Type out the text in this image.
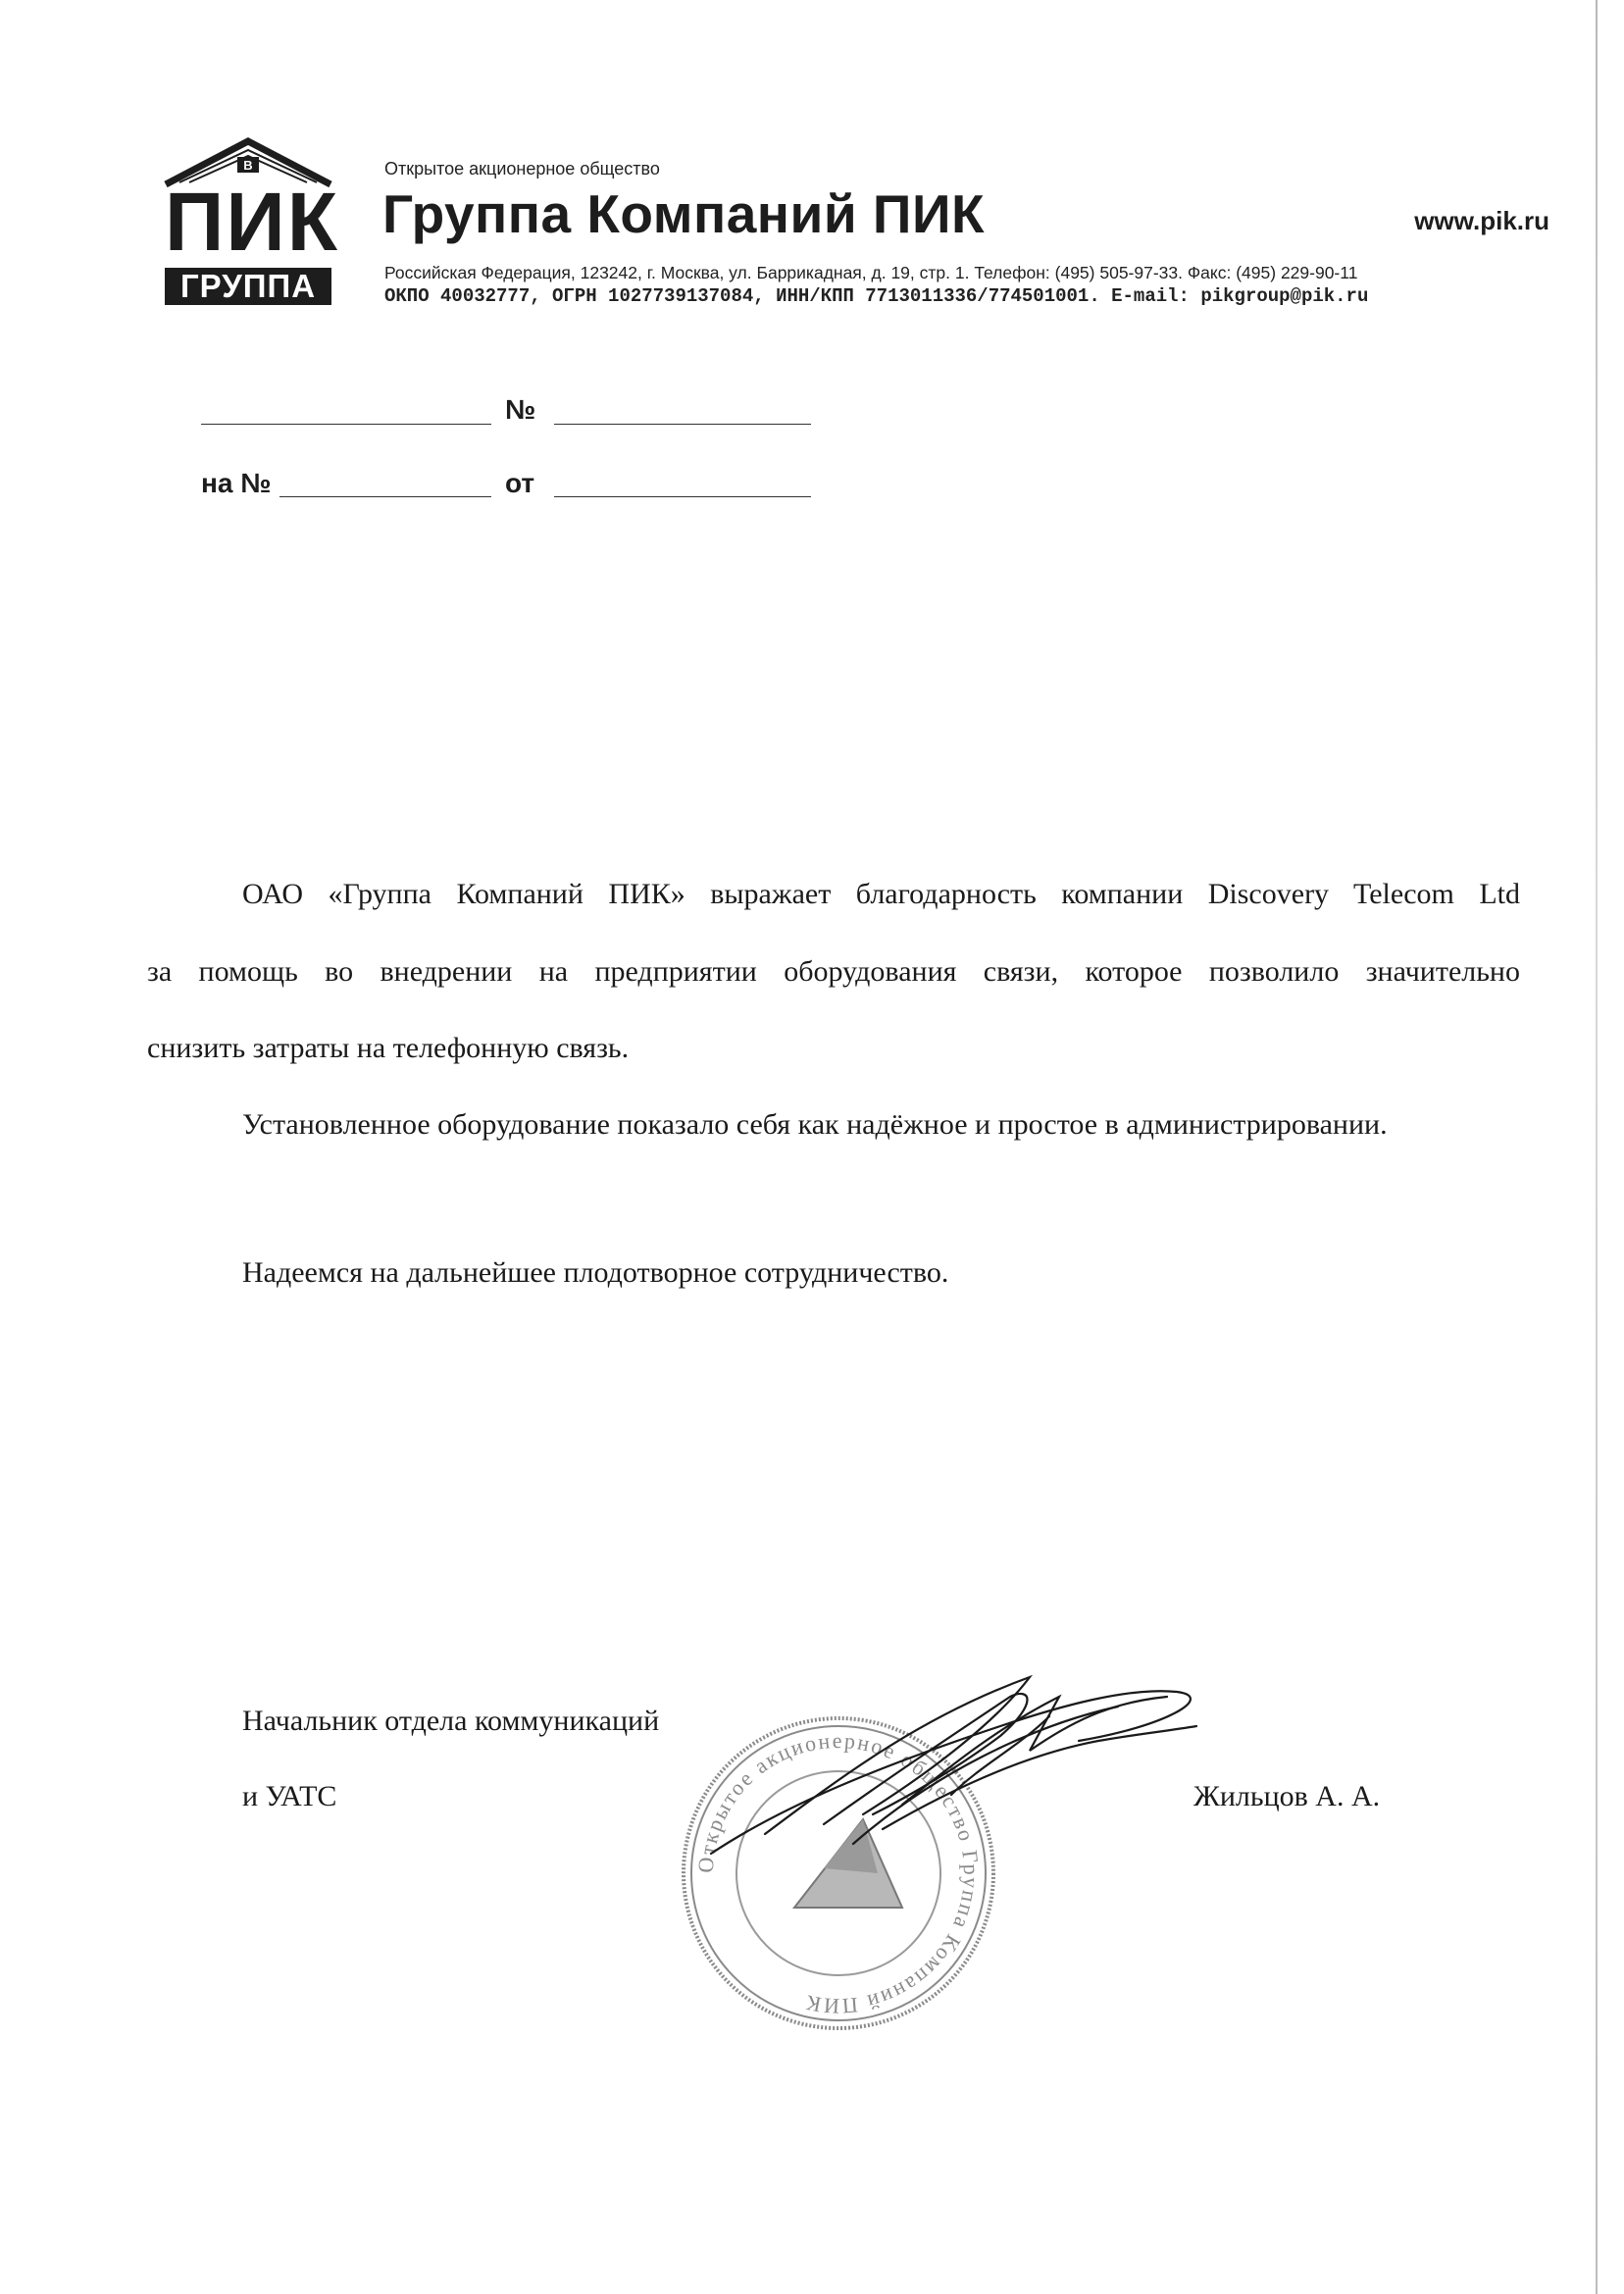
В
ПИК
ГРУППА
Открытое акционерное общество
Группа Компаний ПИК	www.pik.ru
Российская Федерация, 123242, г. Москва, ул. Баррикадная, д. 19, стр. 1. Телефон: (495) 505-97-33. Факс: (495) 229-90-11
ОКПО 40032777, ОГРН 1027739137084, ИНН/КПП 7713011336/774501001. E-mail: pikgroup@pik.ru
№
на №	от
ОАО «Группа Компаний ПИК» выражает благодарность компании Discovery Telecom Ltd
за помощь во внедрении на предприятии оборудования связи, которое позволило значительно
снизить затраты на телефонную связь.
Установленное оборудование показало себя как надёжное и простое в администрировании.
Надеемся на дальнейшее плодотворное сотрудничество.
Начальник отдела коммуникаций
и УАТС	Жильцов А. А.
Открытое акционерное общество Группа Компаний ПИК
